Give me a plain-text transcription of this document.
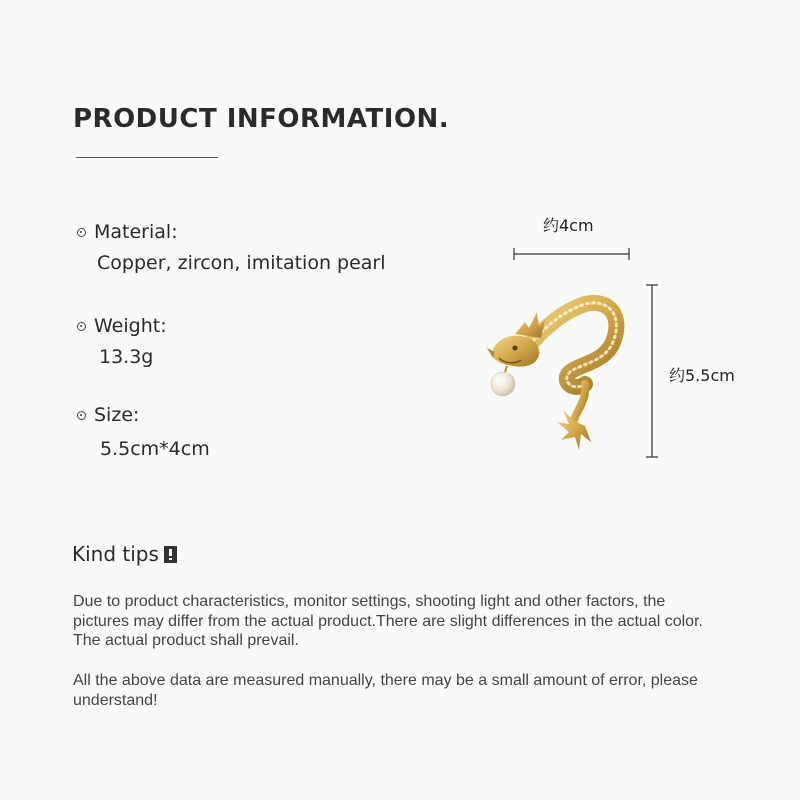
PRODUCT INFORMATION.
Material:
Copper, zircon, imitation pearl
Weight:
13.3g
Size:
5.5cm*4cm
约4cm
约5.5cm
Kind tips

Due to product characteristics, monitor settings, shooting light and other factors, the pictures may differ from the actual product.There are slight differences in the actual color. The actual product shall prevail.

All the above data are measured manually, there may be a small amount of error, please understand!
